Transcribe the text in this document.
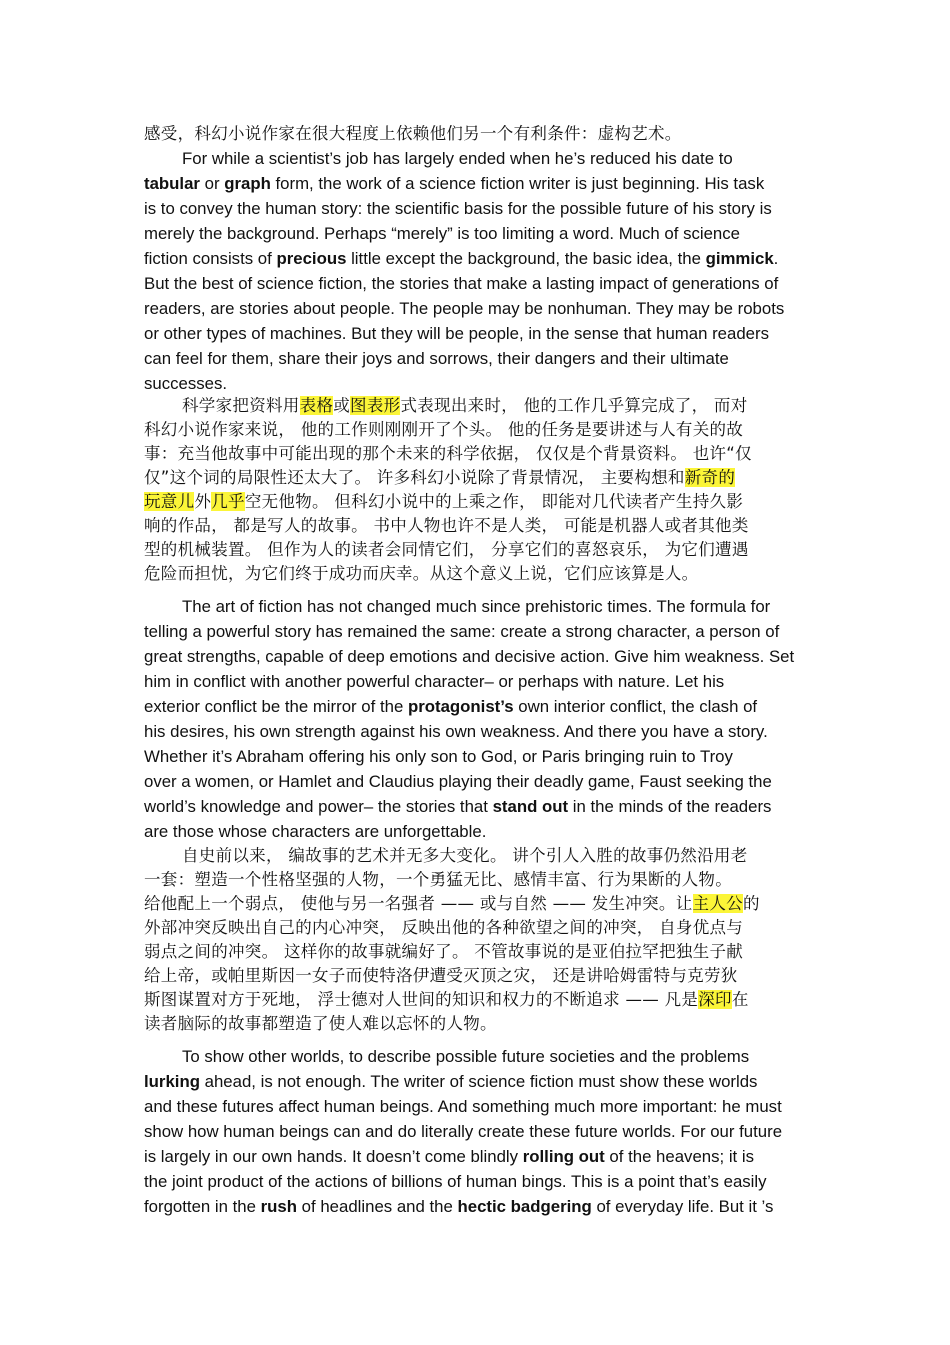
感受，科幻小说作家在很大程度上依赖他们另一个有利条件：虚构艺术。
For while a scientist’s job has largely ended when he’s reduced his date to
tabular or graph form, the work of a science fiction writer is just beginning. His task
is to convey the human story: the scientific basis for the possible future of his story is
merely the background. Perhaps “merely” is too limiting a word. Much of science
fiction consists of precious little except the background, the basic idea, the gimmick.
But the best of science fiction, the stories that make a lasting impact of generations of
readers, are stories about people. The people may be nonhuman. They may be robots
or other types of machines. But they will be people, in the sense that human readers
can feel for them, share their joys and sorrows, their dangers and their ultimate
successes.
科学家把资料用表格或图表形式表现出来时， 他的工作几乎算完成了， 而对
科幻小说作家来说， 他的工作则刚刚开了个头。 他的任务是要讲述与人有关的故
事：充当他故事中可能出现的那个未来的科学依据， 仅仅是个背景资料。 也许“仅
仅”这个词的局限性还太大了。 许多科幻小说除了背景情况， 主要构想和新奇的
玩意儿外几乎空无他物。 但科幻小说中的上乘之作， 即能对几代读者产生持久影
响的作品， 都是写人的故事。 书中人物也许不是人类， 可能是机器人或者其他类
型的机械装置。 但作为人的读者会同情它们， 分享它们的喜怒哀乐， 为它们遭遇
危险而担忧，为它们终于成功而庆幸。从这个意义上说，它们应该算是人。
The art of fiction has not changed much since prehistoric times. The formula for
telling a powerful story has remained the same: create a strong character, a person of
great strengths, capable of deep emotions and decisive action. Give him weakness. Set
him in conflict with another powerful character– or perhaps with nature. Let his
exterior conflict be the mirror of the protagonist’s own interior conflict, the clash of
his desires, his own strength against his own weakness. And there you have a story.
Whether it’s Abraham offering his only son to God, or Paris bringing ruin to Troy
over a women, or Hamlet and Claudius playing their deadly game, Faust seeking the
world’s knowledge and power– the stories that stand out in the minds of the readers
are those whose characters are unforgettable.
自史前以来， 编故事的艺术并无多大变化。 讲个引人入胜的故事仍然沿用老
一套：塑造一个性格坚强的人物，一个勇猛无比、感情丰富、行为果断的人物。
给他配上一个弱点， 使他与另一名强者 —— 或与自然 —— 发生冲突。让主人公的
外部冲突反映出自己的内心冲突， 反映出他的各种欲望之间的冲突， 自身优点与
弱点之间的冲突。 这样你的故事就编好了。 不管故事说的是亚伯拉罕把独生子献
给上帝，或帕里斯因一女子而使特洛伊遭受灭顶之灾， 还是讲哈姆雷特与克劳狄
斯图谋置对方于死地， 浮士德对人世间的知识和权力的不断追求 —— 凡是深印在
读者脑际的故事都塑造了使人难以忘怀的人物。
To show other worlds, to describe possible future societies and the problems
lurking ahead, is not enough. The writer of science fiction must show these worlds
and these futures affect human beings. And something much more important: he must
show how human beings can and do literally create these future worlds. For our future
is largely in our own hands. It doesn’t come blindly rolling out of the heavens; it is
the joint product of the actions of billions of human bings. This is a point that’s easily
forgotten in the rush of headlines and the hectic badgering of everyday life. But it ’s
